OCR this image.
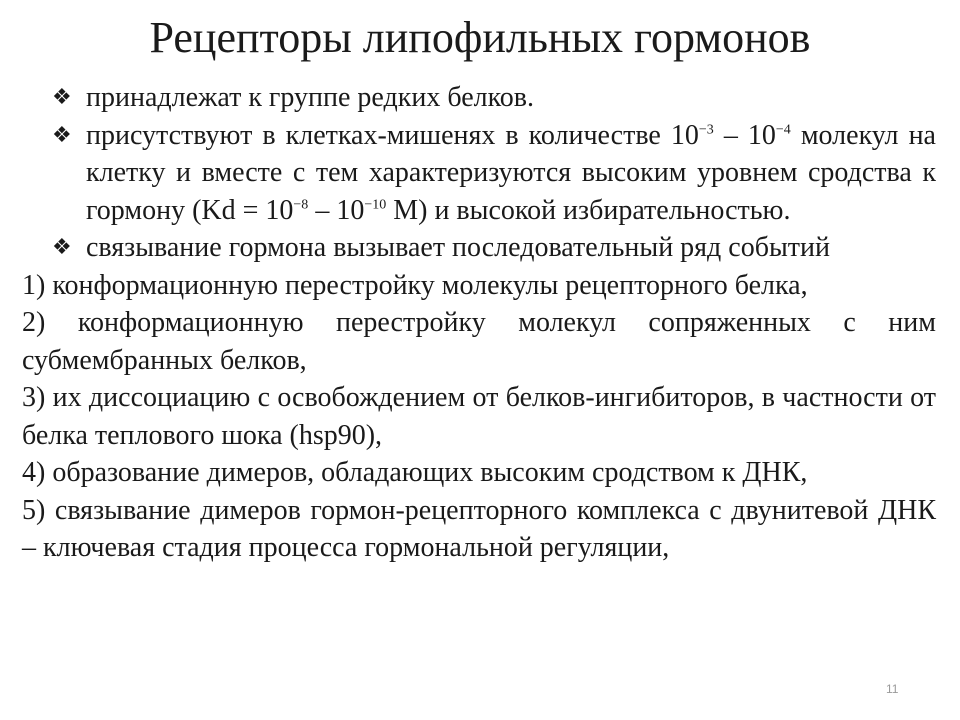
Рецепторы липофильных гормонов
❖ принадлежат к группе редких белков.
❖ присутствуют в клетках-мишенях в количестве $10^{-3} - 10^{-4}$ молекул на клетку и вместе с тем характеризуются высоким уровнем сродства к гормону ($Kd = 10^{-8} - 10^{-10}$ М) и высокой избирательностью.
❖ связывание гормона вызывает последовательный ряд событий
1) конформационную перестройку молекулы рецепторного белка,
2) конформационную перестройку молекул сопряженных с ним субмембранных белков,
3) их диссоциацию с освобождением от белков-ингибиторов, в частности от белка теплового шока (hsp90),
4) образование димеров, обладающих высоким сродством к ДНК,
5) связывание димеров гормон-рецепторного комплекса с двунитевой ДНК – ключевая стадия процесса гормональной регуляции,
11
